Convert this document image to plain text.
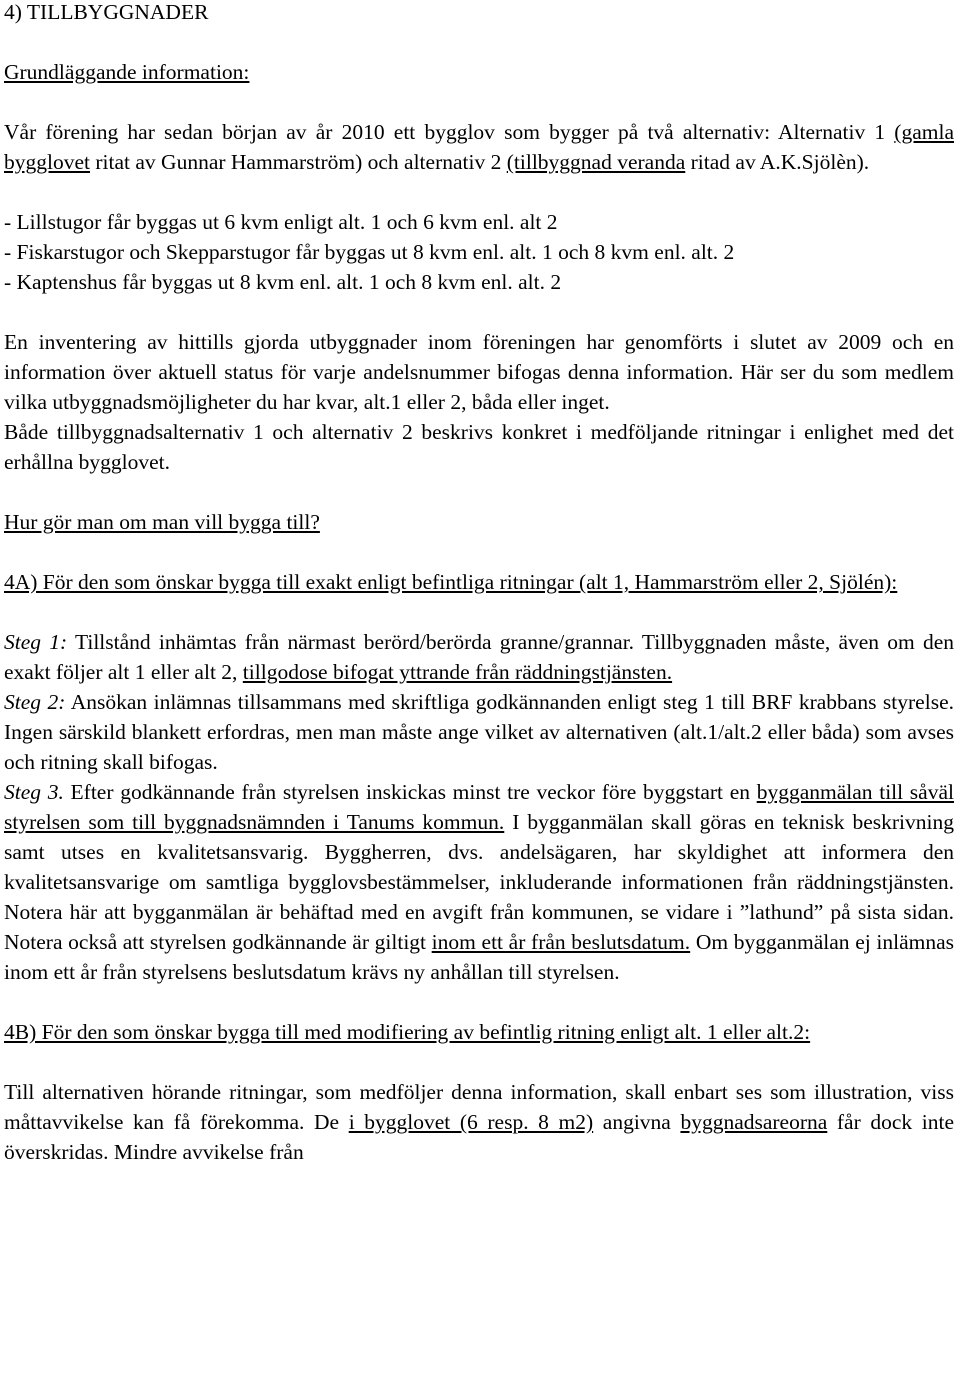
4) TILLBYGGNADER

Grundläggande information:

Vår förening har sedan början av år 2010 ett bygglov som bygger på två alternativ: Alternativ 1 (gamla bygglovet ritat av Gunnar Hammarström) och alternativ 2 (tillbyggnad veranda ritad av A.K.Sjölèn).

- Lillstugor får byggas ut 6 kvm enligt alt. 1 och 6 kvm enl. alt 2

- Fiskarstugor och Skepparstugor får byggas ut 8 kvm enl. alt. 1 och 8 kvm enl. alt. 2

- Kaptenshus får byggas ut 8 kvm enl. alt. 1 och 8 kvm enl. alt. 2

En inventering av hittills gjorda utbyggnader inom föreningen har genomförts i slutet av 2009 och en information över aktuell status för varje andelsnummer bifogas denna information. Här ser du som medlem vilka utbyggnadsmöjligheter du har kvar, alt.1 eller 2, båda eller inget.

Både tillbyggnadsalternativ 1 och alternativ 2 beskrivs konkret i medföljande ritningar i enlighet med det erhållna bygglovet.

Hur gör man om man vill bygga till?

4A) För den som önskar bygga till exakt enligt befintliga ritningar (alt 1, Hammarström eller 2, Sjölén):

Steg 1: Tillstånd inhämtas från närmast berörd/berörda granne/grannar. Tillbyggnaden måste, även om den exakt följer alt 1 eller alt 2, tillgodose bifogat yttrande från räddningstjänsten.

Steg 2: Ansökan inlämnas tillsammans med skriftliga godkännanden enligt steg 1 till BRF krabbans styrelse. Ingen särskild blankett erfordras, men man måste ange vilket av alternativen (alt.1/alt.2 eller båda) som avses och ritning skall bifogas.

Steg 3. Efter godkännande från styrelsen inskickas minst tre veckor före byggstart en bygganmälan till såväl styrelsen som till byggnadsnämnden i Tanums kommun. I bygganmälan skall göras en teknisk beskrivning samt utses en kvalitetsansvarig. Byggherren, dvs. andelsägaren, har skyldighet att informera den kvalitetsansvarige om samtliga bygglovsbestämmelser, inkluderande informationen från räddningstjänsten. Notera här att bygganmälan är behäftad med en avgift från kommunen, se vidare i ”lathund” på sista sidan. Notera också att styrelsen godkännande är giltigt inom ett år från beslutsdatum. Om bygganmälan ej inlämnas inom ett år från styrelsens beslutsdatum krävs ny anhållan till styrelsen.

4B) För den som önskar bygga till med modifiering av befintlig ritning enligt alt. 1 eller alt.2:

Till alternativen hörande ritningar, som medföljer denna information, skall enbart ses som illustration, viss måttavvikelse kan få förekomma. De i bygglovet (6 resp. 8 m2) angivna byggnadsareorna får dock inte överskridas. Mindre avvikelse från
